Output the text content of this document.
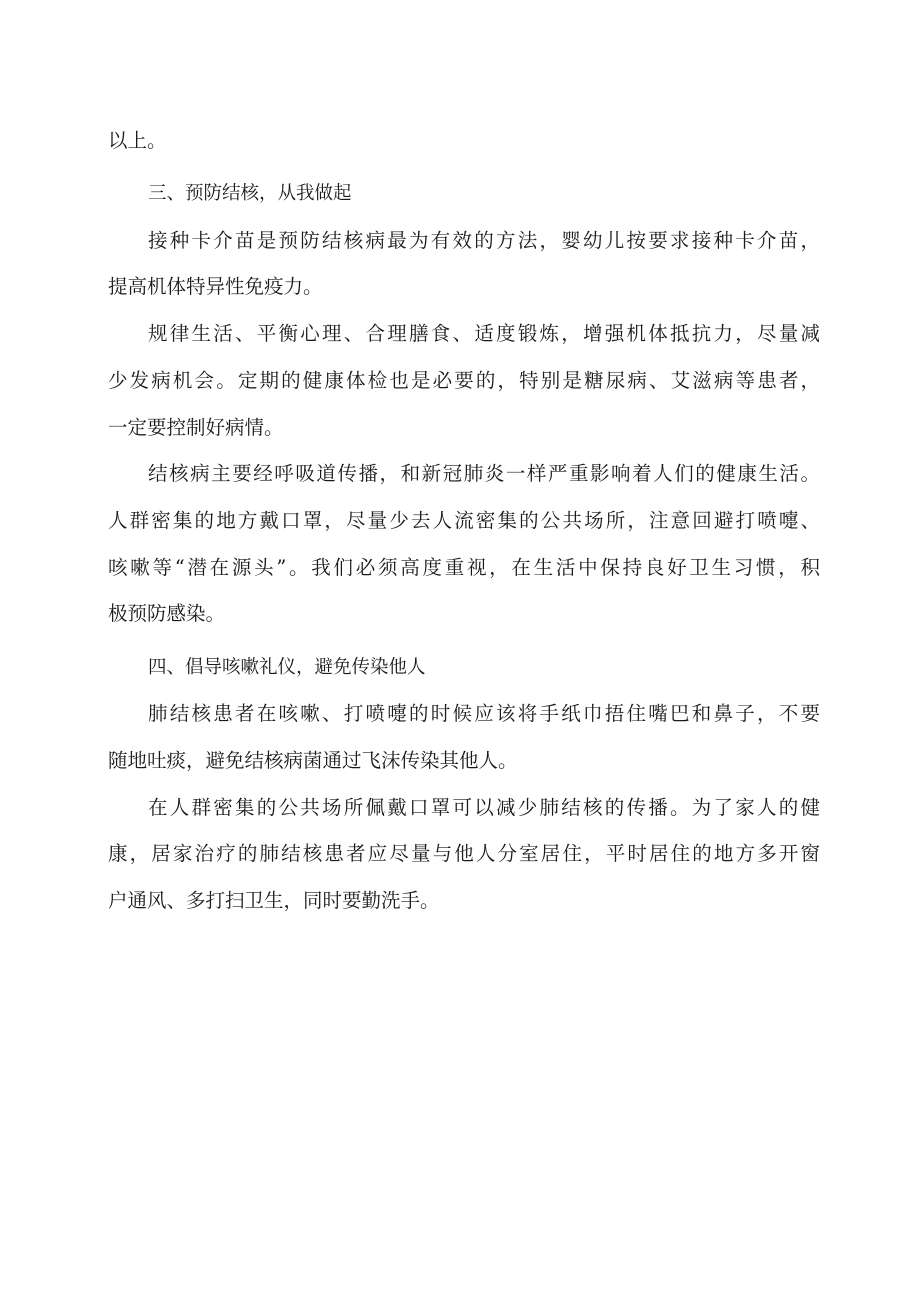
以上。
三、预防结核，从我做起
接种卡介苗是预防结核病最为有效的方法，婴幼儿按要求接种卡介苗，
提高机体特异性免疫力。
规律生活、平衡心理、合理膳食、适度锻炼，增强机体抵抗力，尽量减
少发病机会。定期的健康体检也是必要的，特别是糖尿病、艾滋病等患者，
一定要控制好病情。
结核病主要经呼吸道传播，和新冠肺炎一样严重影响着人们的健康生活。
人群密集的地方戴口罩，尽量少去人流密集的公共场所，注意回避打喷嚏、
咳嗽等“潜在源头”。我们必须高度重视，在生活中保持良好卫生习惯，积
极预防感染。
四、倡导咳嗽礼仪，避免传染他人
肺结核患者在咳嗽、打喷嚏的时候应该将手纸巾捂住嘴巴和鼻子，不要
随地吐痰，避免结核病菌通过飞沫传染其他人。
在人群密集的公共场所佩戴口罩可以减少肺结核的传播。为了家人的健
康，居家治疗的肺结核患者应尽量与他人分室居住，平时居住的地方多开窗
户通风、多打扫卫生，同时要勤洗手。
